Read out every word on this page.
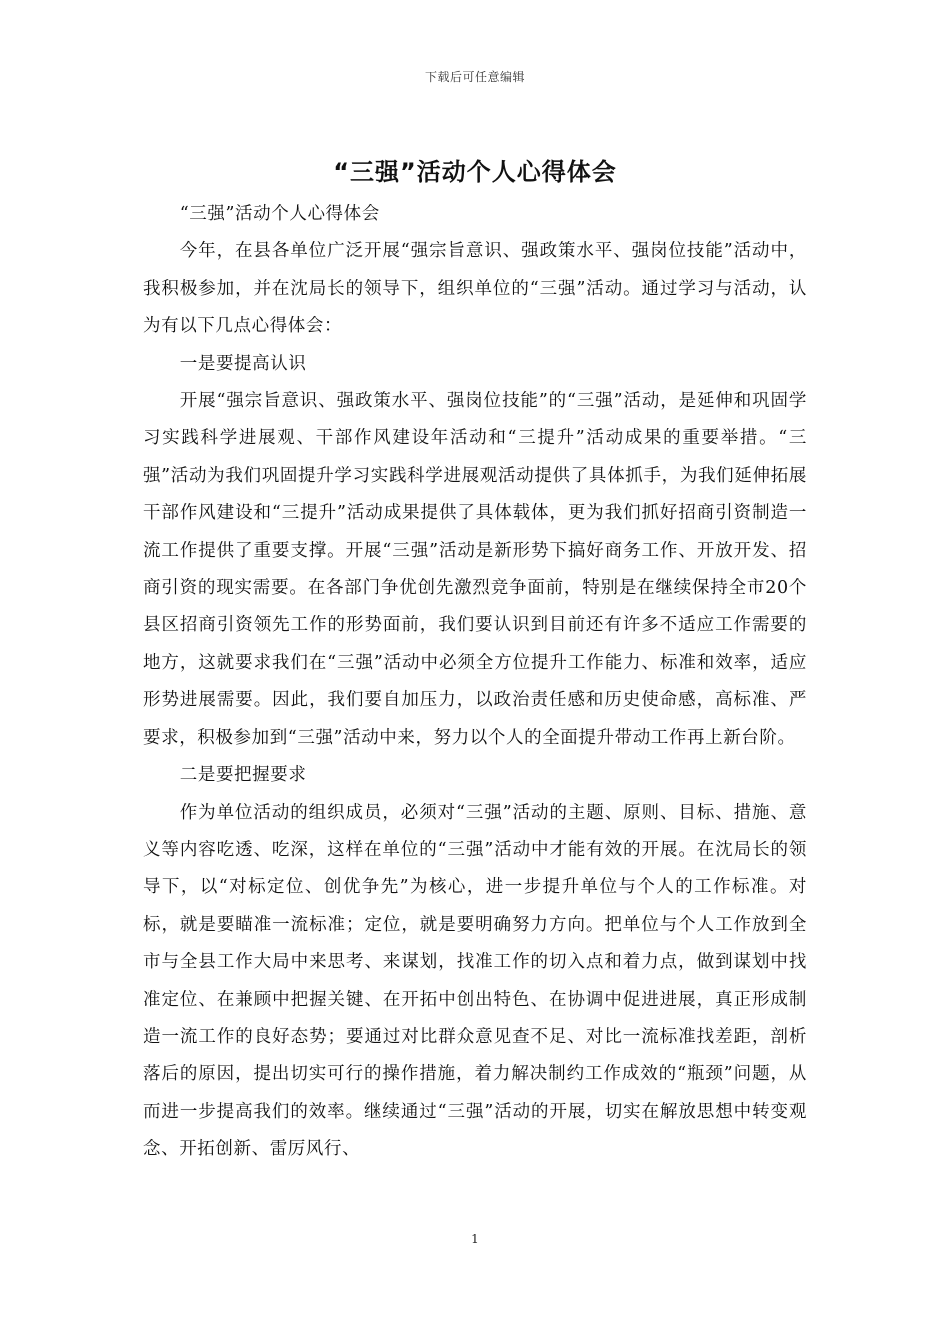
下载后可任意编辑
“三强”活动个人心得体会

“三强”活动个人心得体会

今年，在县各单位广泛开展“强宗旨意识、强政策水平、强岗位技能”活动中，我积极参加，并在沈局长的领导下，组织单位的“三强”活动。通过学习与活动，认为有以下几点心得体会：

一是要提高认识

开展“强宗旨意识、强政策水平、强岗位技能”的“三强”活动，是延伸和巩固学习实践科学进展观、干部作风建设年活动和“三提升”活动成果的重要举措。“三强”活动为我们巩固提升学习实践科学进展观活动提供了具体抓手，为我们延伸拓展干部作风建设和“三提升”活动成果提供了具体载体，更为我们抓好招商引资制造一流工作提供了重要支撑。开展“三强”活动是新形势下搞好商务工作、开放开发、招商引资的现实需要。在各部门争优创先激烈竞争面前，特别是在继续保持全市20个县区招商引资领先工作的形势面前，我们要认识到目前还有许多不适应工作需要的地方，这就要求我们在“三强”活动中必须全方位提升工作能力、标准和效率，适应形势进展需要。因此，我们要自加压力，以政治责任感和历史使命感，高标准、严要求，积极参加到“三强”活动中来，努力以个人的全面提升带动工作再上新台阶。

二是要把握要求

作为单位活动的组织成员，必须对“三强”活动的主题、原则、目标、措施、意义等内容吃透、吃深，这样在单位的“三强”活动中才能有效的开展。在沈局长的领导下，以“对标定位、创优争先”为核心，进一步提升单位与个人的工作标准。对标，就是要瞄准一流标准；定位，就是要明确努力方向。把单位与个人工作放到全市与全县工作大局中来思考、来谋划，找准工作的切入点和着力点，做到谋划中找准定位、在兼顾中把握关键、在开拓中创出特色、在协调中促进进展，真正形成制造一流工作的良好态势；要通过对比群众意见查不足、对比一流标准找差距，剖析落后的原因，提出切实可行的操作措施，着力解决制约工作成效的“瓶颈”问题，从而进一步提高我们的效率。继续通过“三强”活动的开展，切实在解放思想中转变观念、开拓创新、雷厉风行、

1
